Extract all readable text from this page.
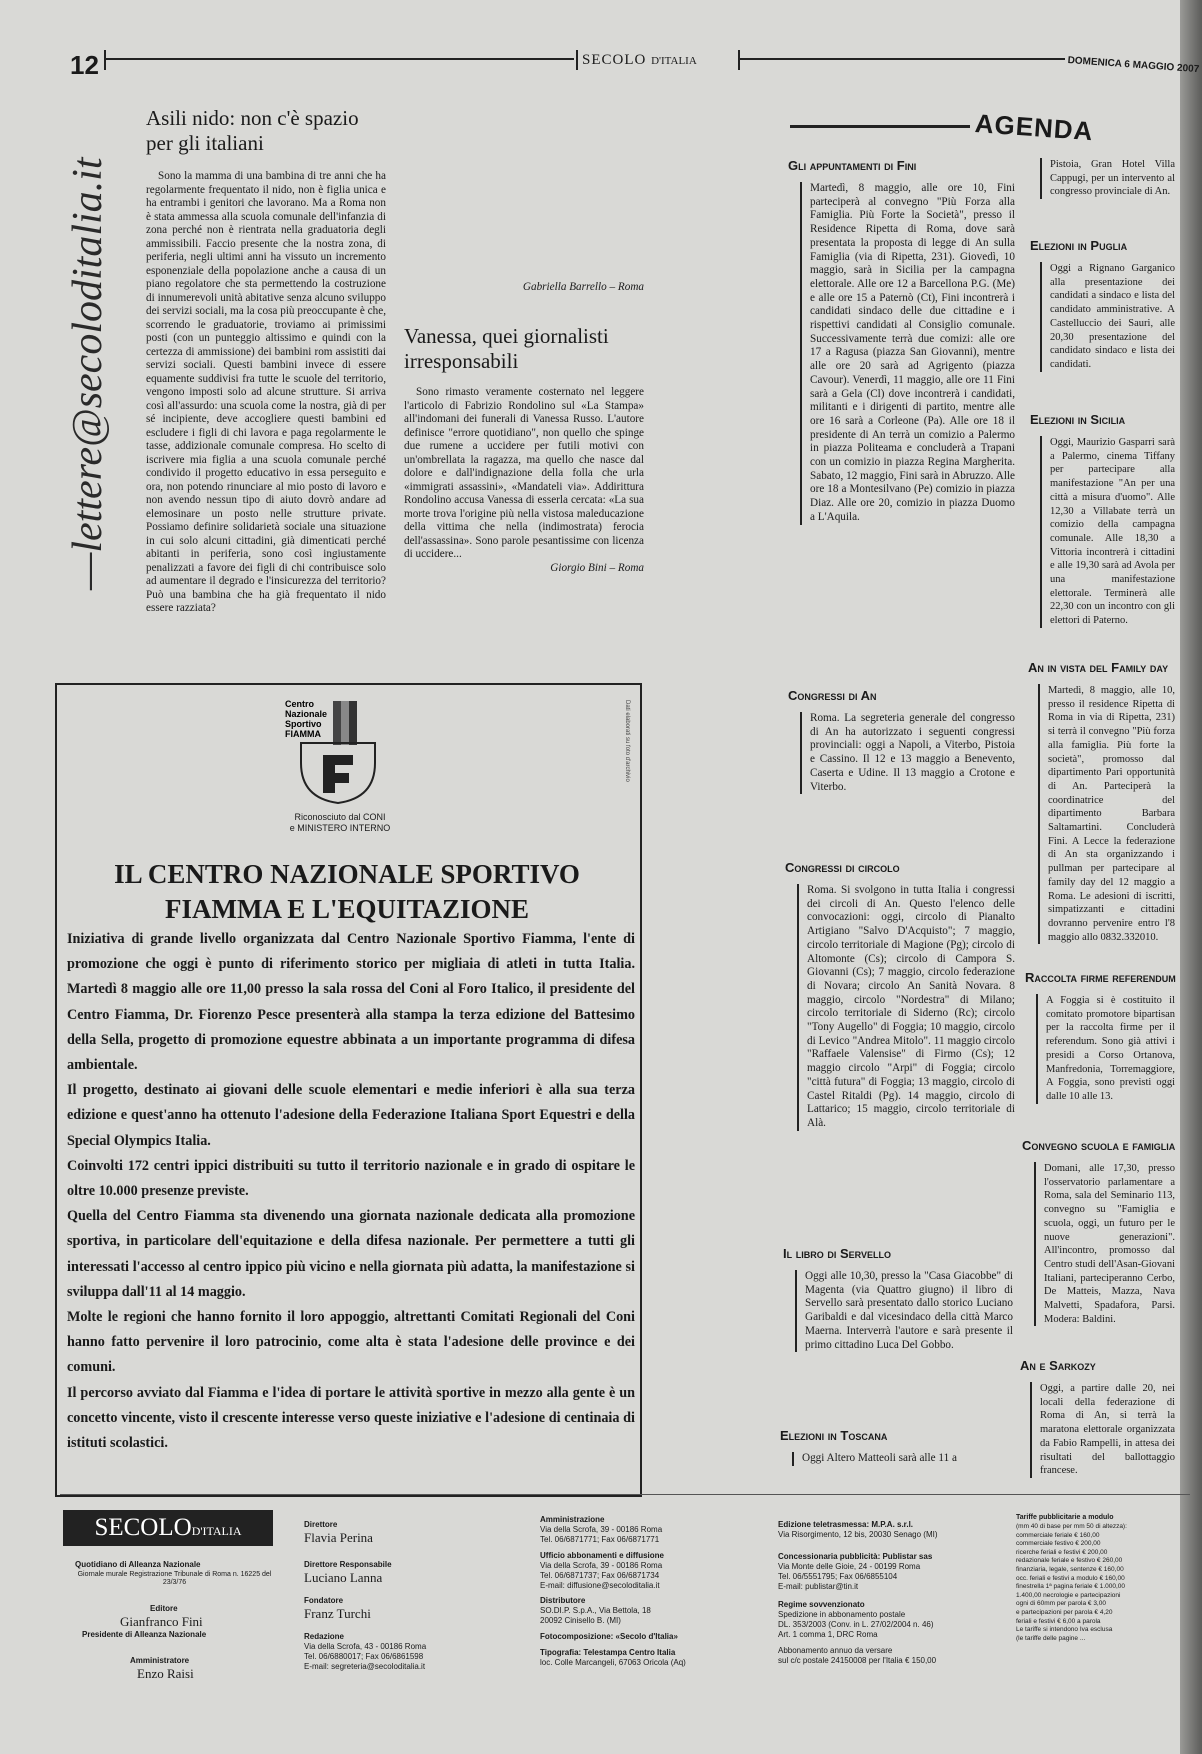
12	SECOLO D'ITALIA	DOMENICA 6 MAGGIO 2007
—lettere@secoloditalia.it
Asili nido: non c'è spazio per gli italiani
Sono la mamma di una bambina di tre anni che ha regolarmente frequentato il nido, non è figlia unica e ha entrambi i genitori che lavorano. Ma a Roma non è stata ammessa alla scuola comunale dell'infanzia di zona perché non è rientrata nella graduatoria degli ammissibili. Faccio presente che la nostra zona, di periferia, negli ultimi anni ha vissuto un incremento esponenziale della popolazione anche a causa di un piano regolatore che sta permettendo la costruzione di innumerevoli unità abitative senza alcuno sviluppo dei servizi sociali, ma la cosa più preoccupante è che, scorrendo le graduatorie, troviamo ai primissimi posti (con un punteggio altissimo e quindi con la certezza di ammissione) dei bambini rom assistiti dai servizi sociali. Questi bambini invece di essere equamente suddivisi fra tutte le scuole del territorio, vengono imposti solo ad alcune strutture. Si arriva così all'assurdo: una scuola come la nostra, già di per sé incipiente, deve accogliere questi bambini ed escludere i figli di chi lavora e paga regolarmente le tasse, addizionale comunale compresa. Ho scelto di iscrivere mia figlia a una scuola comunale perché condivido il progetto educativo in essa perseguito e ora, non potendo rinunciare al mio posto di lavoro e non avendo nessun tipo di aiuto dovrò andare ad elemosinare un posto nelle strutture private. Possiamo definire solidarietà sociale una situazione in cui solo alcuni cittadini, già dimenticati perché abitanti in periferia, sono così ingiustamente penalizzati a favore dei figli di chi contribuisce solo ad aumentare il degrado e l'insicurezza del territorio? Può una bambina che ha già frequentato il nido essere razziata?
Gabriella Barrello – Roma
Vanessa, quei giornalisti irresponsabili
Sono rimasto veramente costernato nel leggere l'articolo di Fabrizio Rondolino sul «La Stampa» all'indomani dei funerali di Vanessa Russo. L'autore definisce "errore quotidiano", non quello che spinge due rumene a uccidere per futili motivi con un'ombrellata la ragazza, ma quello che nasce dal dolore e dall'indignazione della folla che urla «immigrati assassini», «Mandateli via». Addirittura Rondolino accusa Vanessa di esserla cercata: «La sua morte trova l'origine più nella vistosa maleducazione della vittima che nella (indimostrata) ferocia dell'assassina». Sono parole pesantissime con licenza di uccidere...
Giorgio Bini – Roma
Centro
Nazionale
Sportivo
FIAMMA
Riconosciuto dal CONI
e MINISTERO INTERNO
Dati elaborati su foto d'archivio
IL CENTRO NAZIONALE SPORTIVO FIAMMA E L'EQUITAZIONE
Iniziativa di grande livello organizzata dal Centro Nazionale Sportivo Fiamma, l'ente di promozione che oggi è punto di riferimento storico per migliaia di atleti in tutta Italia. Martedì 8 maggio alle ore 11,00 presso la sala rossa del Coni al Foro Italico, il presidente del Centro Fiamma, Dr. Fiorenzo Pesce presenterà alla stampa la terza edizione del Battesimo della Sella, progetto di promozione equestre abbinata a un importante programma di difesa ambientale.
Il progetto, destinato ai giovani delle scuole elementari e medie inferiori è alla sua terza edizione e quest'anno ha ottenuto l'adesione della Federazione Italiana Sport Equestri e della Special Olympics Italia.
Coinvolti 172 centri ippici distribuiti su tutto il territorio nazionale e in grado di ospitare le oltre 10.000 presenze previste.
Quella del Centro Fiamma sta divenendo una giornata nazionale dedicata alla promozione sportiva, in particolare dell'equitazione e della difesa nazionale. Per permettere a tutti gli interessati l'accesso al centro ippico più vicino e nella giornata più adatta, la manifestazione si sviluppa dall'11 al 14 maggio.
Molte le regioni che hanno fornito il loro appoggio, altrettanti Comitati Regionali del Coni hanno fatto pervenire il loro patrocinio, come alta è stata l'adesione delle province e dei comuni.
Il percorso avviato dal Fiamma e l'idea di portare le attività sportive in mezzo alla gente è un concetto vincente, visto il crescente interesse verso queste iniziative e l'adesione di centinaia di istituti scolastici.
AGENDA
Gli appuntamenti di Fini
Martedì, 8 maggio, alle ore 10, Fini parteciperà al convegno "Più Forza alla Famiglia. Più Forte la Società", presso il Residence Ripetta di Roma, dove sarà presentata la proposta di legge di An sulla Famiglia (via di Ripetta, 231). Giovedì, 10 maggio, sarà in Sicilia per la campagna elettorale. Alle ore 12 a Barcellona P.G. (Me) e alle ore 15 a Paternò (Ct), Fini incontrerà i candidati sindaco delle due cittadine e i rispettivi candidati al Consiglio comunale. Successivamente terrà due comizi: alle ore 17 a Ragusa (piazza San Giovanni), mentre alle ore 20 sarà ad Agrigento (piazza Cavour). Venerdì, 11 maggio, alle ore 11 Fini sarà a Gela (Cl) dove incontrerà i candidati, militanti e i dirigenti di partito, mentre alle ore 16 sarà a Corleone (Pa). Alle ore 18 il presidente di An terrà un comizio a Palermo in piazza Politeama e concluderà a Trapani con un comizio in piazza Regina Margherita. Sabato, 12 maggio, Fini sarà in Abruzzo. Alle ore 18 a Montesilvano (Pe) comizio in piazza Diaz. Alle ore 20, comizio in piazza Duomo a L'Aquila.
Congressi di An
Roma. La segreteria generale del congresso di An ha autorizzato i seguenti congressi provinciali: oggi a Napoli, a Viterbo, Pistoia e Cassino. Il 12 e 13 maggio a Benevento, Caserta e Udine. Il 13 maggio a Crotone e Viterbo.
Congressi di circolo
Roma. Si svolgono in tutta Italia i congressi dei circoli di An. Questo l'elenco delle convocazioni: oggi, circolo di Pianalto Artigiano "Salvo D'Acquisto"; 7 maggio, circolo territoriale di Magione (Pg); circolo di Altomonte (Cs); circolo di Campora S. Giovanni (Cs); 7 maggio, circolo federazione di Novara; circolo An Sanità Novara. 8 maggio, circolo "Nordestra" di Milano; circolo territoriale di Siderno (Rc); circolo "Tony Augello" di Foggia; 10 maggio, circolo di Levico "Andrea Mitolo". 11 maggio circolo "Raffaele Valensise" di Firmo (Cs); 12 maggio circolo "Arpi" di Foggia; circolo "città futura" di Foggia; 13 maggio, circolo di Castel Ritaldi (Pg). 14 maggio, circolo di Lattarico; 15 maggio, circolo territoriale di Alà.
Il libro di Servello
Oggi alle 10,30, presso la "Casa Giacobbe" di Magenta (via Quattro giugno) il libro di Servello sarà presentato dallo storico Luciano Garibaldi e dal vicesindaco della città Marco Maerna. Interverrà l'autore e sarà presente il primo cittadino Luca Del Gobbo.
Elezioni in Toscana
Oggi Altero Matteoli sarà alle 11 a
Pistoia, Gran Hotel Villa Cappugi, per un intervento al congresso provinciale di An.
Elezioni in Puglia
Oggi a Rignano Garganico alla presentazione dei candidati a sindaco e lista del candidato amministrative. A Castelluccio dei Sauri, alle 20,30 presentazione del candidato sindaco e lista dei candidati.
Elezioni in Sicilia
Oggi, Maurizio Gasparri sarà a Palermo, cinema Tiffany per partecipare alla manifestazione "An per una città a misura d'uomo". Alle 12,30 a Villabate terrà un comizio della campagna comunale. Alle 18,30 a Vittoria incontrerà i cittadini e alle 19,30 sarà ad Avola per una manifestazione elettorale. Terminerà alle 22,30 con un incontro con gli elettori di Paterno.
An in vista del Family day
Martedì, 8 maggio, alle 10, presso il residence Ripetta di Roma in via di Ripetta, 231) si terrà il convegno "Più forza alla famiglia. Più forte la società", promosso dal dipartimento Pari opportunità di An. Parteciperà la coordinatrice del dipartimento Barbara Saltamartini. Concluderà Fini. A Lecce la federazione di An sta organizzando i pullman per partecipare al family day del 12 maggio a Roma. Le adesioni di iscritti, simpatizzanti e cittadini dovranno pervenire entro l'8 maggio allo 0832.332010.
Raccolta firme referendum
A Foggia si è costituito il comitato promotore bipartisan per la raccolta firme per il referendum. Sono già attivi i presidi a Corso Ortanova, Manfredonia, Torremaggiore, A Foggia, sono previsti oggi dalle 10 alle 13.
Convegno scuola e famiglia
Domani, alle 17,30, presso l'osservatorio parlamentare a Roma, sala del Seminario 113, convegno su "Famiglia e scuola, oggi, un futuro per le nuove generazioni". All'incontro, promosso dal Centro studi dell'Asan-Giovani Italiani, parteciperanno Cerbo, De Matteis, Mazza, Nava Malvetti, Spadafora, Parsi. Modera: Baldini.
An e Sarkozy
Oggi, a partire dalle 20, nei locali della federazione di Roma di An, si terrà la maratona elettorale organizzata da Fabio Rampelli, in attesa dei risultati del ballottaggio francese.
SECOLOD'ITALIA
Quotidiano di Alleanza Nazionale
Giornale murale Registrazione Tribunale di Roma n. 16225 del 23/3/76
Editore
Gianfranco Fini
Presidente di Alleanza Nazionale
Amministratore
Enzo Raisi
Direttore
Flavia Perina
Direttore Responsabile
Luciano Lanna
Fondatore
Franz Turchi
Redazione
Via della Scrofa, 43 - 00186 Roma
Tel. 06/6880017; Fax 06/6861598
E-mail: segreteria@secoloditalia.it
Amministrazione
Via della Scrofa, 39 - 00186 Roma
Tel. 06/6871771; Fax 06/6871771
Ufficio abbonamenti e diffusione
Via della Scrofa, 39 - 00186 Roma
Tel. 06/6871737; Fax 06/6871734
E-mail: diffusione@secoloditalia.it
Distributore
SO.DI.P. S.p.A., Via Bettola, 18
20092 Cinisello B. (MI)
Fotocomposizione: «Secolo d'Italia»
Tipografia: Telestampa Centro Italia
loc. Colle Marcangeli, 67063 Oricola (Aq)
Edizione teletrasmessa: M.P.A. s.r.l.
Via Risorgimento, 12 bis, 20030 Senago (MI)
Concessionaria pubblicità: Publistar sas
Via Monte delle Gioie, 24 - 00199 Roma
Tel. 06/5551795; Fax 06/6855104
E-mail: publistar@tin.it
Regime sovvenzionato
Spedizione in abbonamento postale
DL. 353/2003 (Conv. in L. 27/02/2004 n. 46)
Art. 1 comma 1, DRC Roma
Abbonamento annuo da versare
sul c/c postale 24150008 per l'Italia € 150,00
Tariffe pubblicitarie a modulo
(mm 40 di base per mm 50 di altezza):
commerciale feriale € 160,00
commerciale festivo € 200,00
ricerche feriali e festivi € 200,00
redazionale feriale e festivo € 260,00
finanziaria, legale, sentenze € 160,00
occ. feriali e festivi a modulo € 160,00
finestrella 1ª pagina feriale € 1.000,00
1.400,00 necrologie e partecipazioni
ogni di 60mm per parola € 3,00
e partecipazioni per parola € 4,20
feriali e festivi € 6,00 a parola
Le tariffe si intendono Iva esclusa
(le tariffe delle pagine ...
